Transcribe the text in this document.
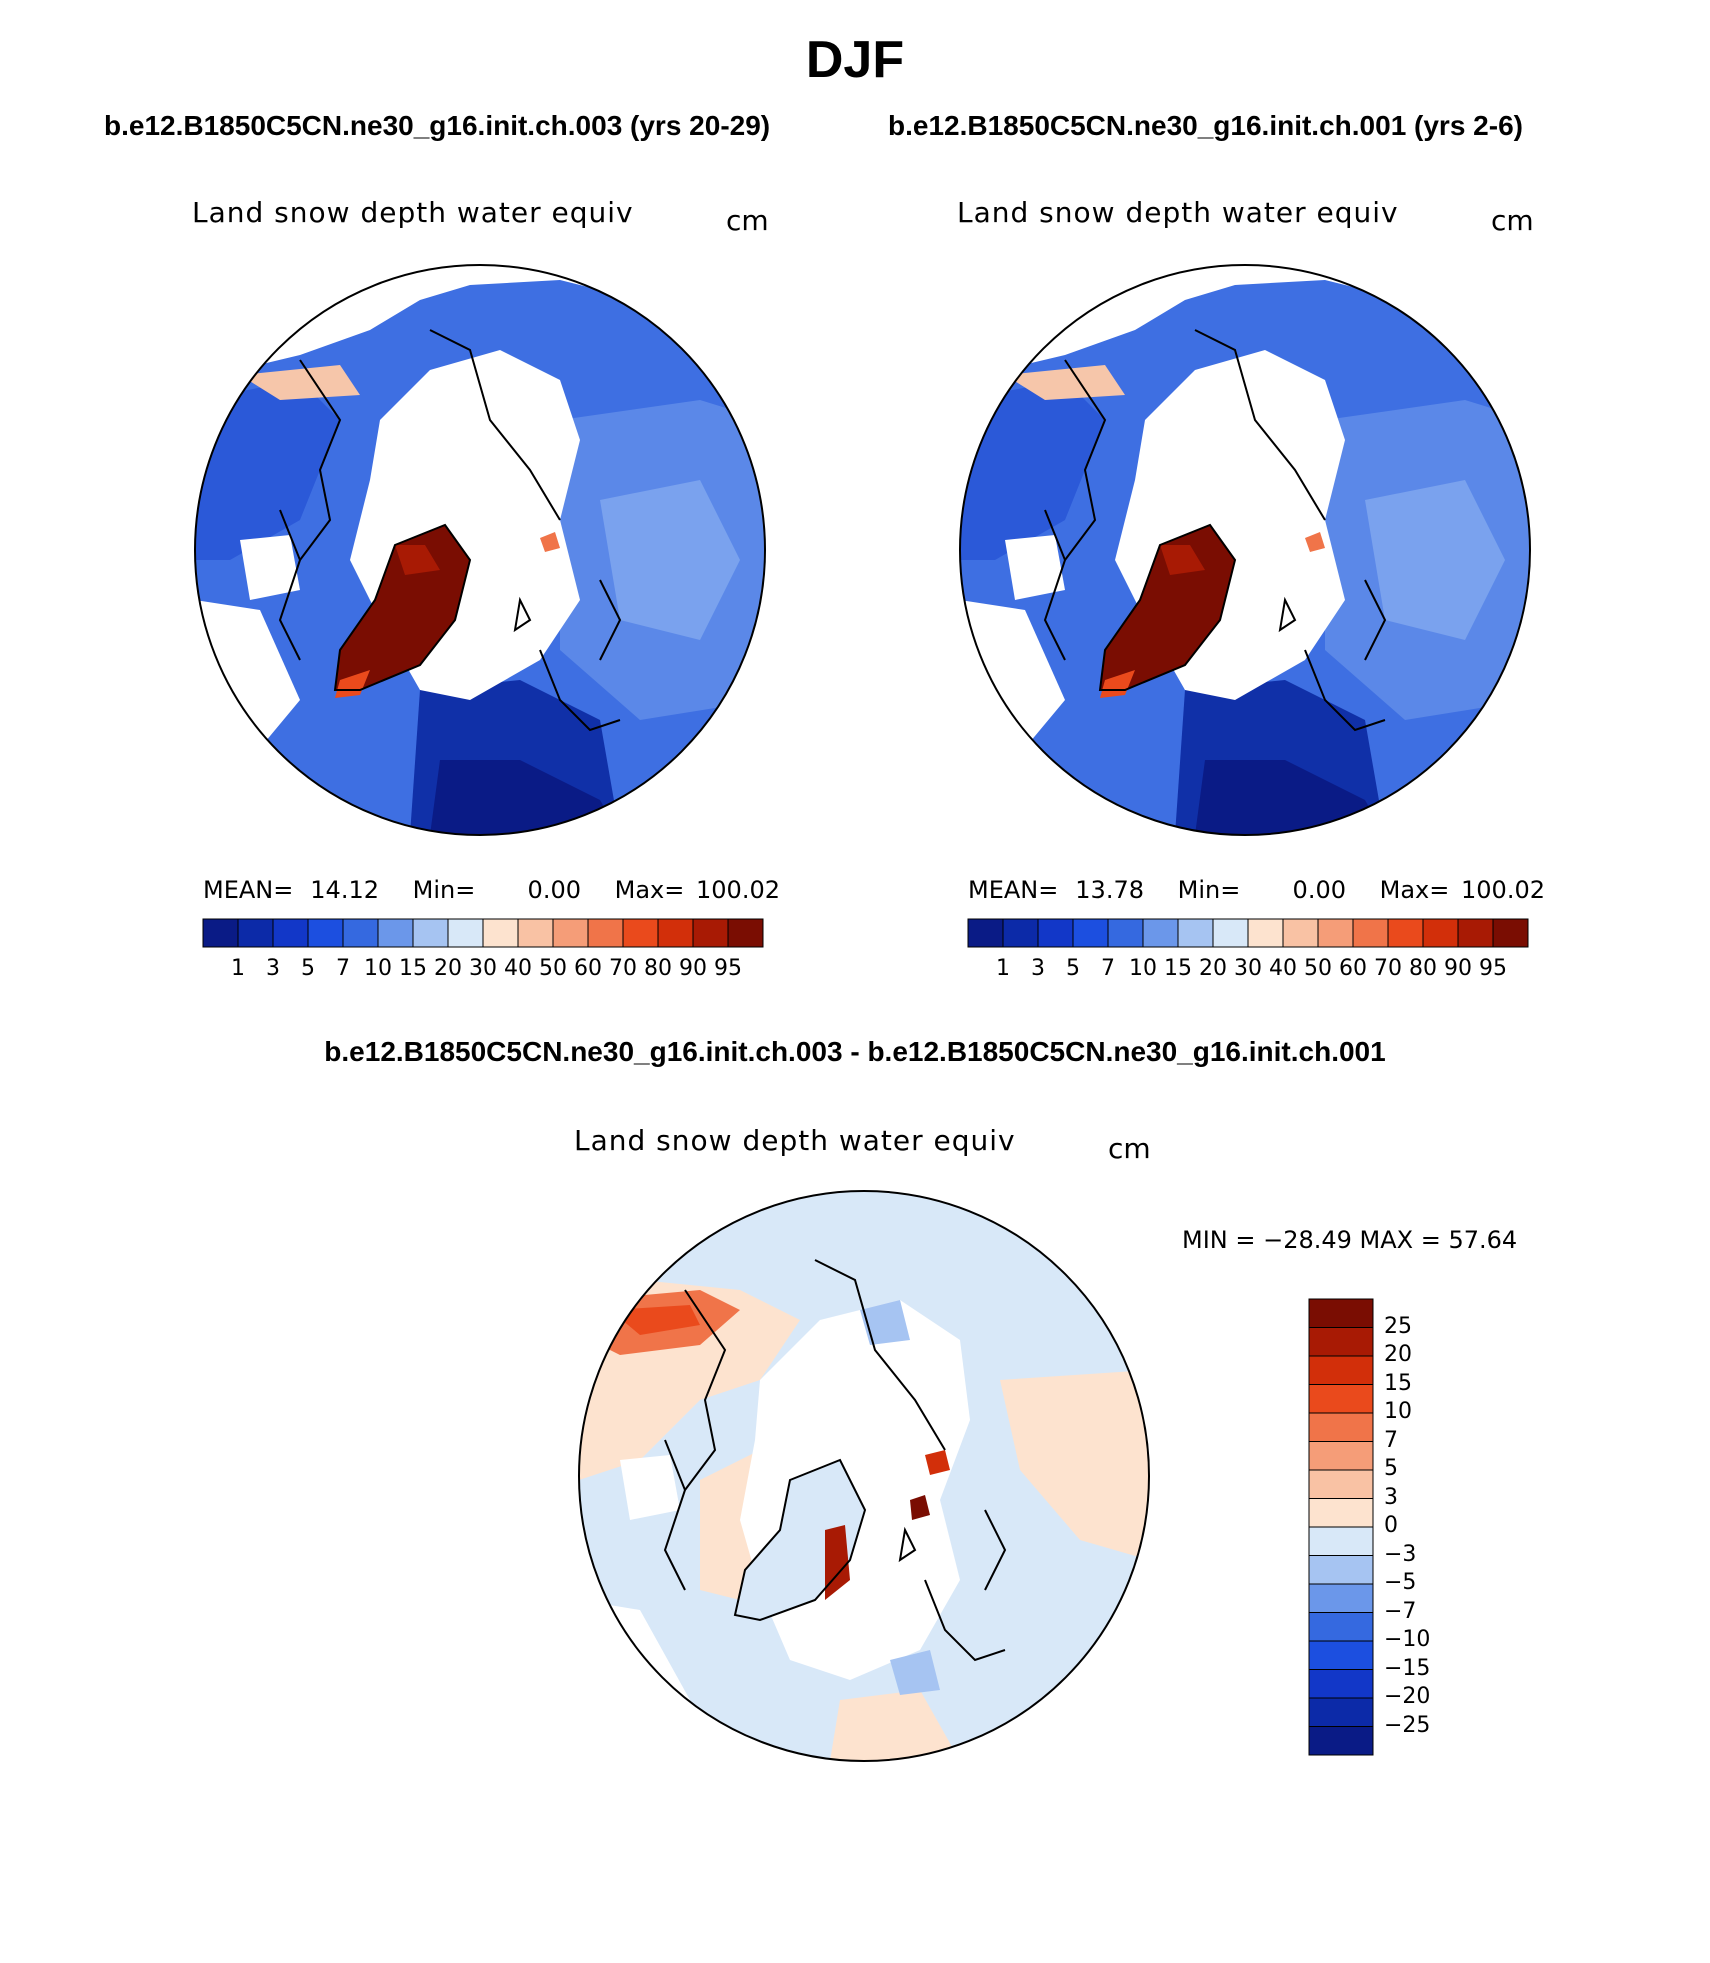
DJF
b.e12.B1850C5CN.ne30_g16.init.ch.003 (yrs 20-29)	b.e12.B1850C5CN.ne30_g16.init.ch.001 (yrs 2-6)
Land snow depth water equiv	cm	Land snow depth water equiv	cm
MEAN= 14.12 Min= 0.00 Max= 100.02	MEAN= 13.78 Min= 0.00 Max= 100.02
1 3 5 7 10 15 20 30 40 50 60 70 80 90 95	1 3 5 7 10 15 20 30 40 50 60 70 80 90 95
b.e12.B1850C5CN.ne30_g16.init.ch.003 - b.e12.B1850C5CN.ne30_g16.init.ch.001
Land snow depth water equiv	cm
MIN = −28.49 MAX = 57.64
25
20
15
10
7
5
3
0
−3
−5
−7
−10
−15
−20
−25
